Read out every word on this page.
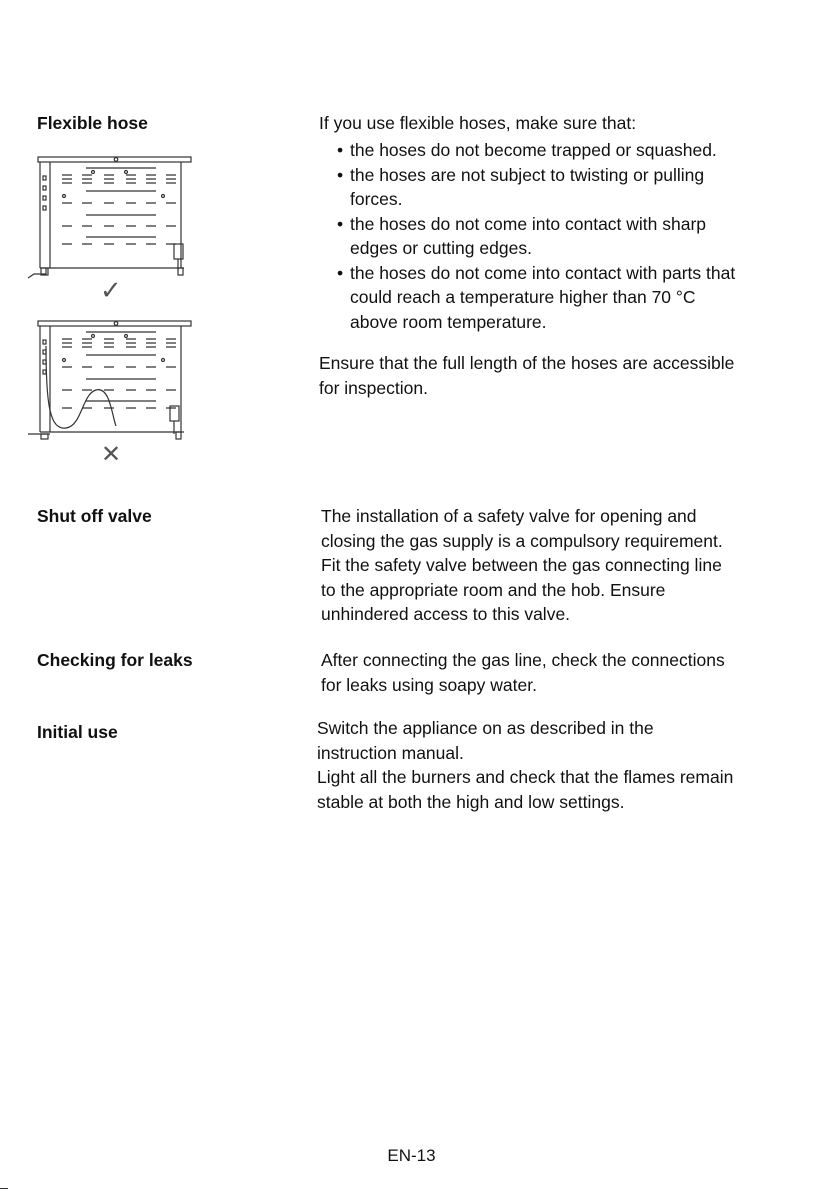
Flexible hose	If you use flexible hoses, make sure that:

• the hoses do not become trapped or squashed.
• the hoses are not subject to twisting or pulling
forces.
• the hoses do not come into contact with sharp
edges or cutting edges.
• the hoses do not come into contact with parts that
could reach a temperature higher than 70 °C
above room temperature.

Ensure that the full length of the hoses are accessible
for inspection.

✓
✕
Shut off valve	The installation of a safety valve for opening and
closing the gas supply is a compulsory requirement.
Fit the safety valve between the gas connecting line
to the appropriate room and the hob. Ensure
unhindered access to this valve.

Checking for leaks	After connecting the gas line, check the connections
for leaks using soapy water.

Initial use	Switch the appliance on as described in the
instruction manual.
Light all the burners and check that the flames remain
stable at both the high and low settings.

EN-13
